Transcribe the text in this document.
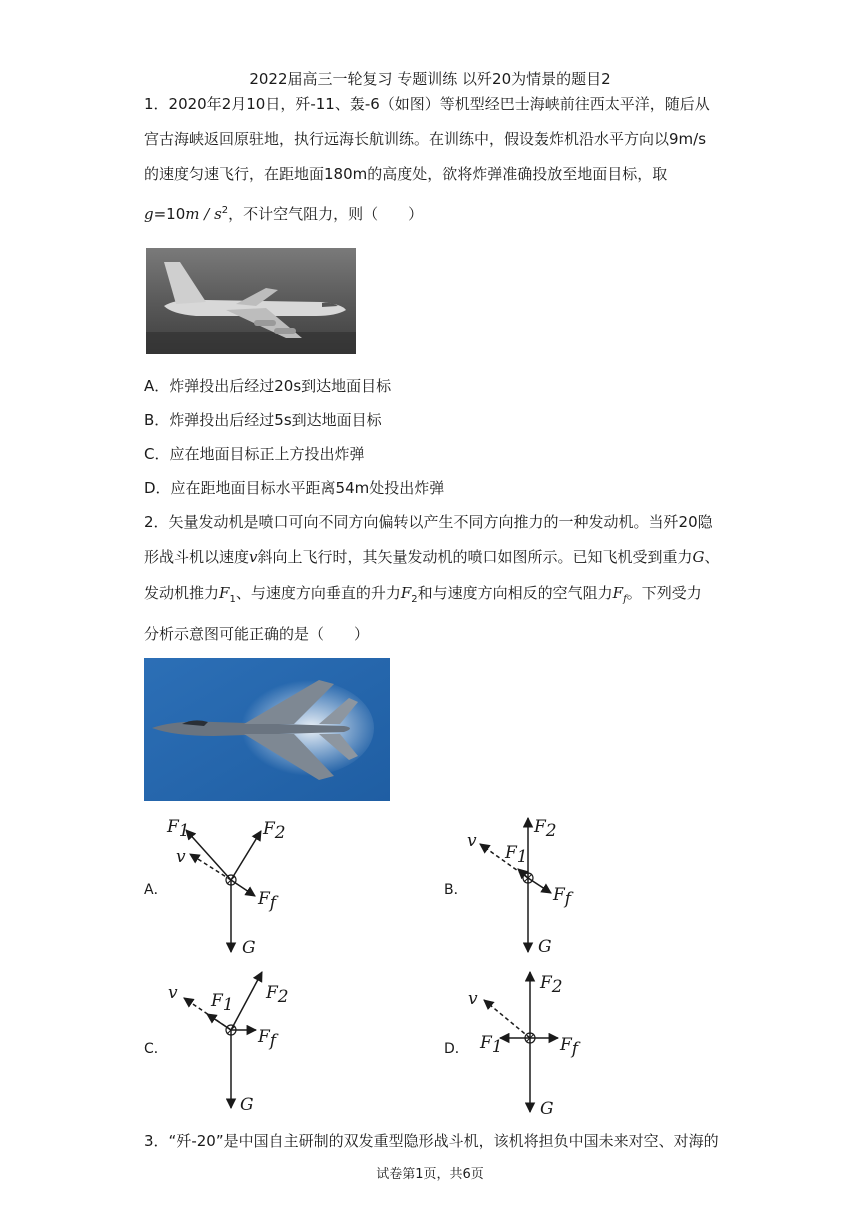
2022届高三一轮复习 专题训练 以歼20为情景的题目2
1．2020年2月10日，歼-11、轰-6（如图）等机型经巴士海峡前往西太平洋，随后从
宫古海峡返回原驻地，执行远海长航训练。在训练中，假设轰炸机沿水平方向以9m/s
的速度匀速飞行，在距地面180m的高度处，欲将炸弹准确投放至地面目标，取
$g=10m / s^2$，不计空气阻力，则（　　）
A．炸弹投出后经过20s到达地面目标
B．炸弹投出后经过5s到达地面目标
C．应在地面目标正上方投出炸弹
D．应在距地面目标水平距离54m处投出炸弹
2．矢量发动机是喷口可向不同方向偏转以产生不同方向推力的一种发动机。当歼20隐
形战斗机以速度v斜向上飞行时，其矢量发动机的喷口如图所示。已知飞机受到重力G、
发动机推力$F_1$、与速度方向垂直的升力$F_2$和与速度方向相反的空气阻力$F_f$。下列受力
分析示意图可能正确的是（　　）
A．	B．
C．	D．
F1	F2
v
Ff
G
F2
v
F1
Ff
G
F2
v F1
Ff
G
F2
v
F1	Ff
G
3．“歼-20”是中国自主研制的双发重型隐形战斗机，该机将担负中国未来对空、对海的
试卷第1页，共6页
